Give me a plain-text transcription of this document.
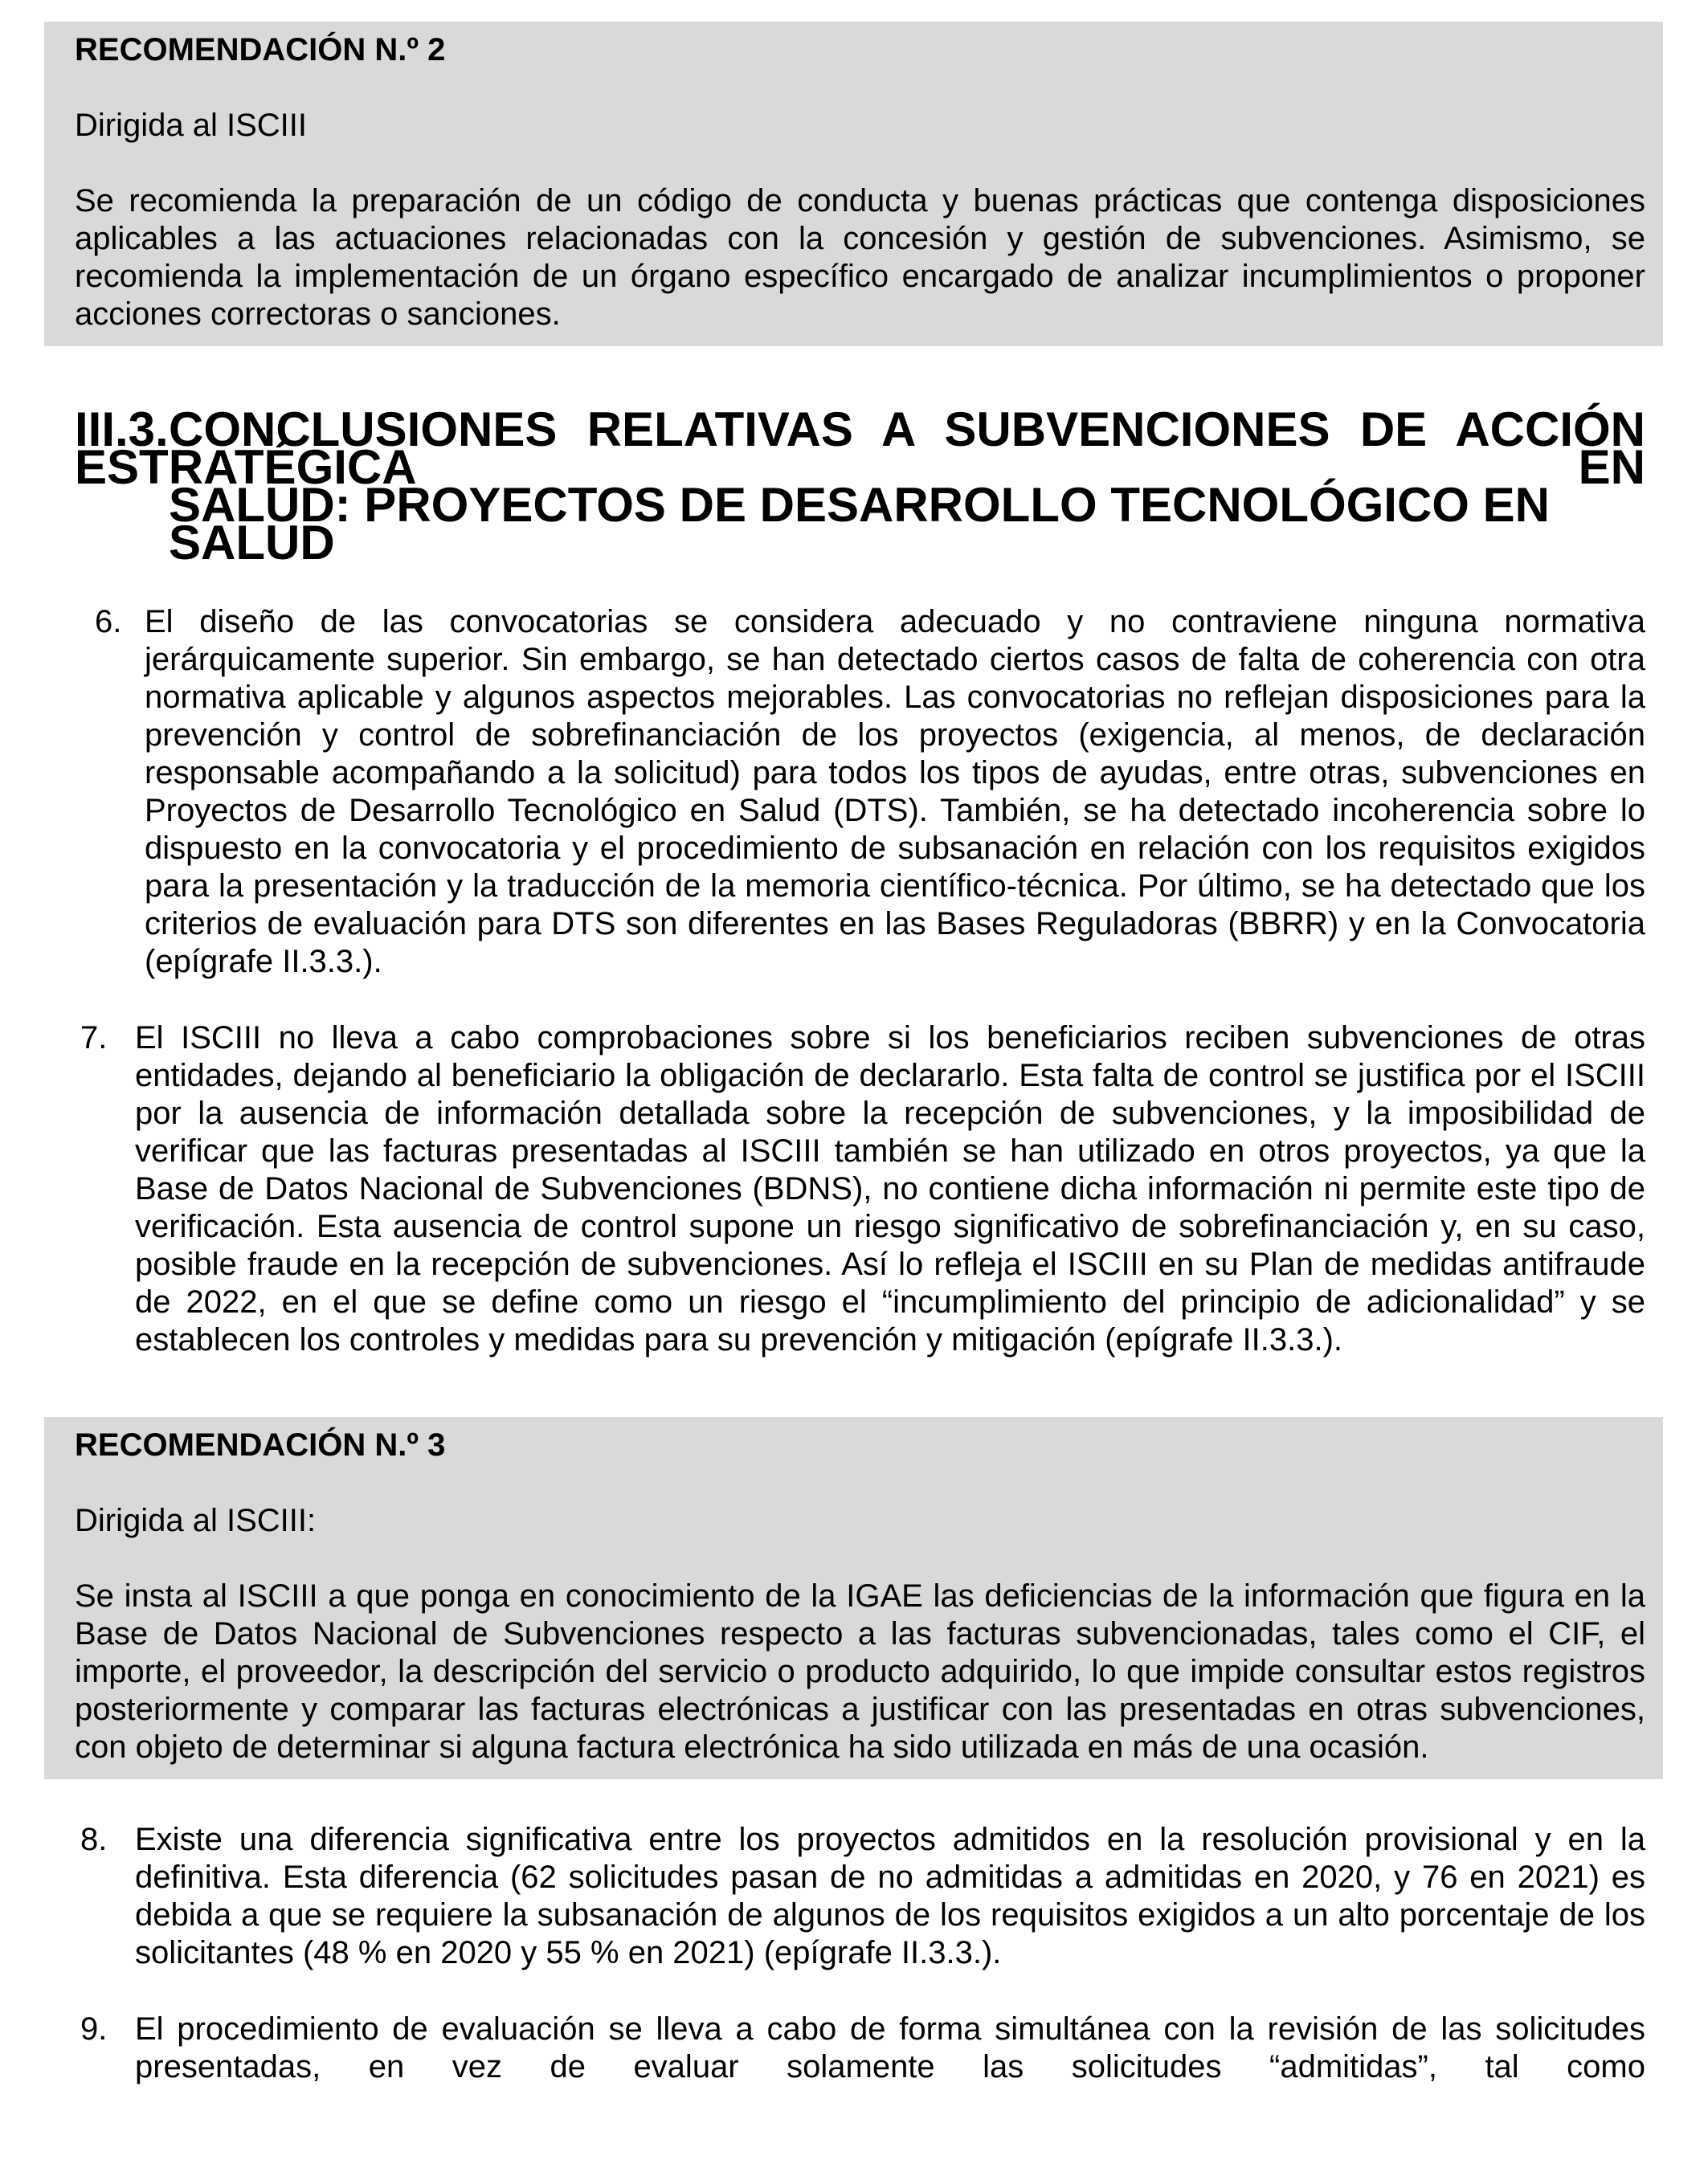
RECOMENDACIÓN N.º 2

Dirigida al ISCIII

Se recomienda la preparación de un código de conducta y buenas prácticas que contenga disposiciones aplicables a las actuaciones relacionadas con la concesión y gestión de subvenciones. Asimismo, se recomienda la implementación de un órgano específico encargado de analizar incumplimientos o proponer acciones correctoras o sanciones.

III.3.CONCLUSIONES RELATIVAS A SUBVENCIONES DE ACCIÓN ESTRATÉGICA EN
SALUD: PROYECTOS DE DESARROLLO TECNOLÓGICO EN SALUD
6. El diseño de las convocatorias se considera adecuado y no contraviene ninguna normativa jerárquicamente superior. Sin embargo, se han detectado ciertos casos de falta de coherencia con otra normativa aplicable y algunos aspectos mejorables. Las convocatorias no reflejan disposiciones para la prevención y control de sobrefinanciación de los proyectos (exigencia, al menos, de declaración responsable acompañando a la solicitud) para todos los tipos de ayudas, entre otras, subvenciones en Proyectos de Desarrollo Tecnológico en Salud (DTS). También, se ha detectado incoherencia sobre lo dispuesto en la convocatoria y el procedimiento de subsanación en relación con los requisitos exigidos para la presentación y la traducción de la memoria científico-técnica. Por último, se ha detectado que los criterios de evaluación para DTS son diferentes en las Bases Reguladoras (BBRR) y en la Convocatoria (epígrafe II.3.3.).
7. El ISCIII no lleva a cabo comprobaciones sobre si los beneficiarios reciben subvenciones de otras entidades, dejando al beneficiario la obligación de declararlo. Esta falta de control se justifica por el ISCIII por la ausencia de información detallada sobre la recepción de subvenciones, y la imposibilidad de verificar que las facturas presentadas al ISCIII también se han utilizado en otros proyectos, ya que la Base de Datos Nacional de Subvenciones (BDNS), no contiene dicha información ni permite este tipo de verificación. Esta ausencia de control supone un riesgo significativo de sobrefinanciación y, en su caso, posible fraude en la recepción de subvenciones. Así lo refleja el ISCIII en su Plan de medidas antifraude de 2022, en el que se define como un riesgo el “incumplimiento del principio de adicionalidad” y se establecen los controles y medidas para su prevención y mitigación (epígrafe II.3.3.).

RECOMENDACIÓN N.º 3

Dirigida al ISCIII:

Se insta al ISCIII a que ponga en conocimiento de la IGAE las deficiencias de la información que figura en la Base de Datos Nacional de Subvenciones respecto a las facturas subvencionadas, tales como el CIF, el importe, el proveedor, la descripción del servicio o producto adquirido, lo que impide consultar estos registros posteriormente y comparar las facturas electrónicas a justificar con las presentadas en otras subvenciones, con objeto de determinar si alguna factura electrónica ha sido utilizada en más de una ocasión.

8. Existe una diferencia significativa entre los proyectos admitidos en la resolución provisional y en la definitiva. Esta diferencia (62 solicitudes pasan de no admitidas a admitidas en 2020, y 76 en 2021) es debida a que se requiere la subsanación de algunos de los requisitos exigidos a un alto porcentaje de los solicitantes (48 % en 2020 y 55 % en 2021) (epígrafe II.3.3.).
9. El procedimiento de evaluación se lleva a cabo de forma simultánea con la revisión de las solicitudes presentadas, en vez de evaluar solamente las solicitudes “admitidas”, tal como
